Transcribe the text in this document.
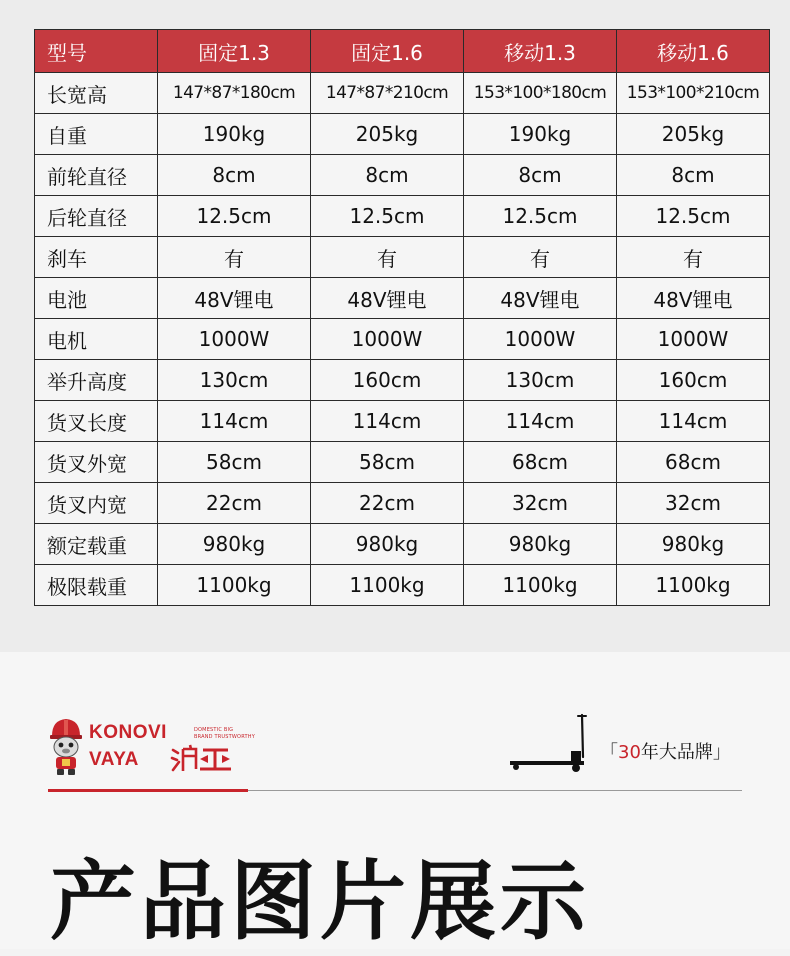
型号	固定1.3	固定1.6	移动1.3	移动1.6
长宽高	147*87*180cm	147*87*210cm	153*100*180cm	153*100*210cm
自重	190kg	205kg	190kg	205kg
前轮直径	8cm	8cm	8cm	8cm
后轮直径	12.5cm	12.5cm	12.5cm	12.5cm
刹车	有	有	有	有
电池	48V锂电	48V锂电	48V锂电	48V锂电
电机	1000W	1000W	1000W	1000W
举升高度	130cm	160cm	130cm	160cm
货叉长度	114cm	114cm	114cm	114cm
货叉外宽	58cm	58cm	68cm	68cm
货叉内宽	22cm	22cm	32cm	32cm
额定载重	980kg	980kg	980kg	980kg
极限载重	1100kg	1100kg	1100kg	1100kg
KONOVI
VAYA
DOMESTIC BIG
BRAND TRUSTWORTHY
「30年大品牌」
产品图片展示
